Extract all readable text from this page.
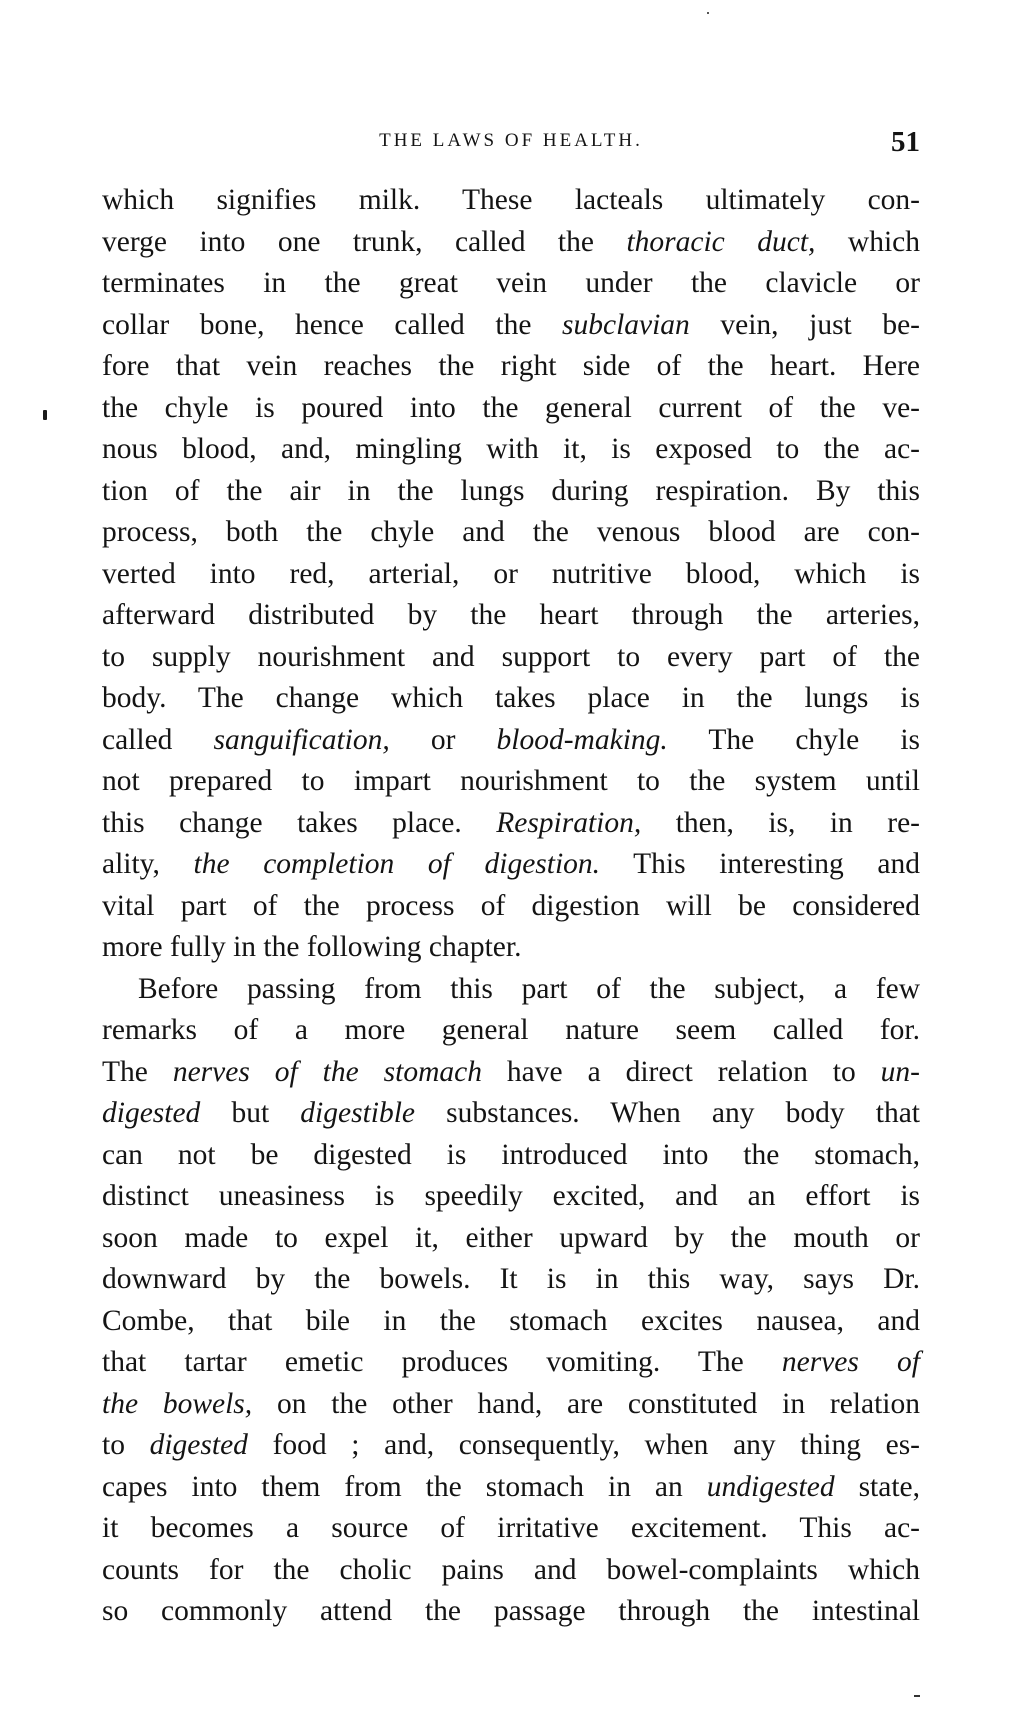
THE LAWS OF HEALTH.	51
which signifies milk. These lacteals ultimately con-
verge into one trunk, called the thoracic duct, which
terminates in the great vein under the clavicle or
collar bone, hence called the subclavian vein, just be-
fore that vein reaches the right side of the heart. Here
the chyle is poured into the general current of the ve-
nous blood, and, mingling with it, is exposed to the ac-
tion of the air in the lungs during respiration. By this
process, both the chyle and the venous blood are con-
verted into red, arterial, or nutritive blood, which is
afterward distributed by the heart through the arteries,
to supply nourishment and support to every part of the
body. The change which takes place in the lungs is
called sanguification, or blood-making. The chyle is
not prepared to impart nourishment to the system until
this change takes place. Respiration, then, is, in re-
ality, the completion of digestion. This interesting and
vital part of the process of digestion will be considered
more fully in the following chapter.
Before passing from this part of the subject, a few
remarks of a more general nature seem called for.
The nerves of the stomach have a direct relation to un-
digested but digestible substances. When any body that
can not be digested is introduced into the stomach,
distinct uneasiness is speedily excited, and an effort is
soon made to expel it, either upward by the mouth or
downward by the bowels. It is in this way, says Dr.
Combe, that bile in the stomach excites nausea, and
that tartar emetic produces vomiting. The nerves of
the bowels, on the other hand, are constituted in relation
to digested food ; and, consequently, when any thing es-
capes into them from the stomach in an undigested state,
it becomes a source of irritative excitement. This ac-
counts for the cholic pains and bowel-complaints which
so commonly attend the passage through the intestinal
